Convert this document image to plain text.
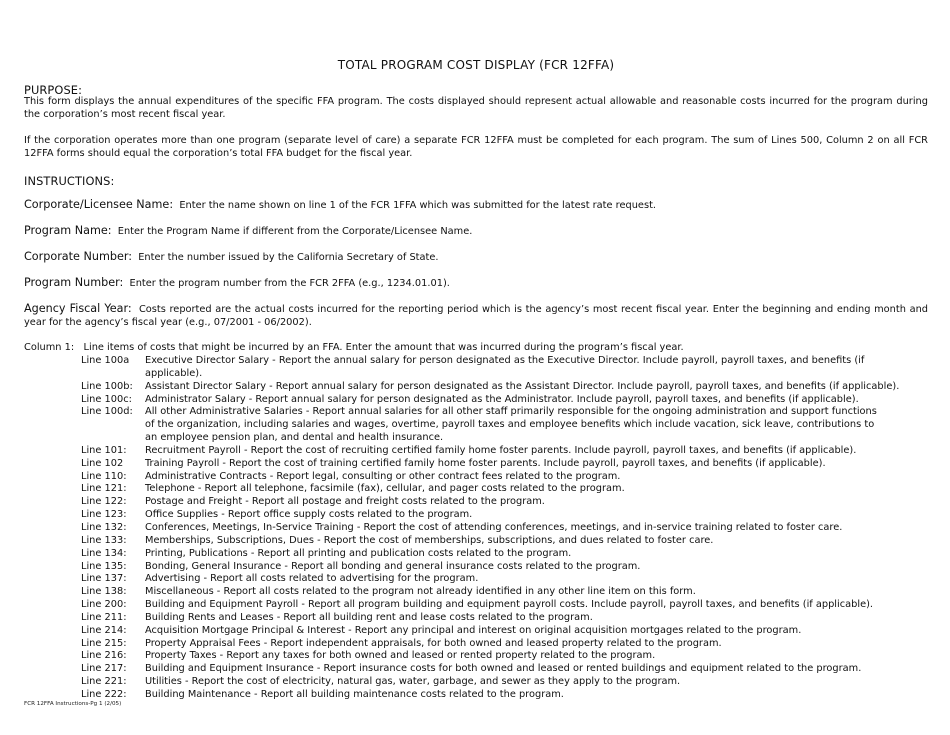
TOTAL PROGRAM COST DISPLAY (FCR 12FFA)
PURPOSE:
This form displays the annual expenditures of the specific FFA program. The costs displayed should represent actual allowable and reasonable costs incurred for the program during the corporation’s most recent fiscal year.
If the corporation operates more than one program (separate level of care) a separate FCR 12FFA must be completed for each program. The sum of Lines 500, Column 2 on all FCR 12FFA forms should equal the corporation’s total FFA budget for the fiscal year.
INSTRUCTIONS:
Corporate/Licensee Name: Enter the name shown on line 1 of the FCR 1FFA which was submitted for the latest rate request.
Program Name: Enter the Program Name if different from the Corporate/Licensee Name.
Corporate Number: Enter the number issued by the California Secretary of State.
Program Number: Enter the program number from the FCR 2FFA (e.g., 1234.01.01).
Agency Fiscal Year: Costs reported are the actual costs incurred for the reporting period which is the agency’s most recent fiscal year. Enter the beginning and ending month and year for the agency’s fiscal year (e.g., 07/2001 - 06/2002).
Column 1: Line items of costs that might be incurred by an FFA. Enter the amount that was incurred during the program’s fiscal year.
Line 100a	Executive Director Salary - Report the annual salary for person designated as the Executive Director. Include payroll, payroll taxes, and benefits (if applicable).
Line 100b:	Assistant Director Salary - Report annual salary for person designated as the Assistant Director. Include payroll, payroll taxes, and benefits (if applicable).
Line 100c:	Administrator Salary - Report annual salary for person designated as the Administrator. Include payroll, payroll taxes, and benefits (if applicable).
Line 100d:	All other Administrative Salaries - Report annual salaries for all other staff primarily responsible for the ongoing administration and support functions of the organization, including salaries and wages, overtime, payroll taxes and employee benefits which include vacation, sick leave, contributions to an employee pension plan, and dental and health insurance.
Line 101:	Recruitment Payroll - Report the cost of recruiting certified family home foster parents. Include payroll, payroll taxes, and benefits (if applicable).
Line 102	Training Payroll - Report the cost of training certified family home foster parents. Include payroll, payroll taxes, and benefits (if applicable).
Line 110:	Administrative Contracts - Report legal, consulting or other contract fees related to the program.
Line 121:	Telephone - Report all telephone, facsimile (fax), cellular, and pager costs related to the program.
Line 122:	Postage and Freight - Report all postage and freight costs related to the program.
Line 123:	Office Supplies - Report office supply costs related to the program.
Line 132:	Conferences, Meetings, In-Service Training - Report the cost of attending conferences, meetings, and in-service training related to foster care.
Line 133:	Memberships, Subscriptions, Dues - Report the cost of memberships, subscriptions, and dues related to foster care.
Line 134:	Printing, Publications - Report all printing and publication costs related to the program.
Line 135:	Bonding, General Insurance - Report all bonding and general insurance costs related to the program.
Line 137:	Advertising - Report all costs related to advertising for the program.
Line 138:	Miscellaneous - Report all costs related to the program not already identified in any other line item on this form.
Line 200:	Building and Equipment Payroll - Report all program building and equipment payroll costs. Include payroll, payroll taxes, and benefits (if applicable).
Line 211:	Building Rents and Leases - Report all building rent and lease costs related to the program.
Line 214:	Acquisition Mortgage Principal & Interest - Report any principal and interest on original acquisition mortgages related to the program.
Line 215:	Property Appraisal Fees - Report independent appraisals, for both owned and leased property related to the program.
Line 216:	Property Taxes - Report any taxes for both owned and leased or rented property related to the program.
Line 217:	Building and Equipment Insurance - Report insurance costs for both owned and leased or rented buildings and equipment related to the program.
Line 221:	Utilities - Report the cost of electricity, natural gas, water, garbage, and sewer as they apply to the program.
Line 222:	Building Maintenance - Report all building maintenance costs related to the program.
FCR 12FFA Instructions-Pg 1 (2/05)
